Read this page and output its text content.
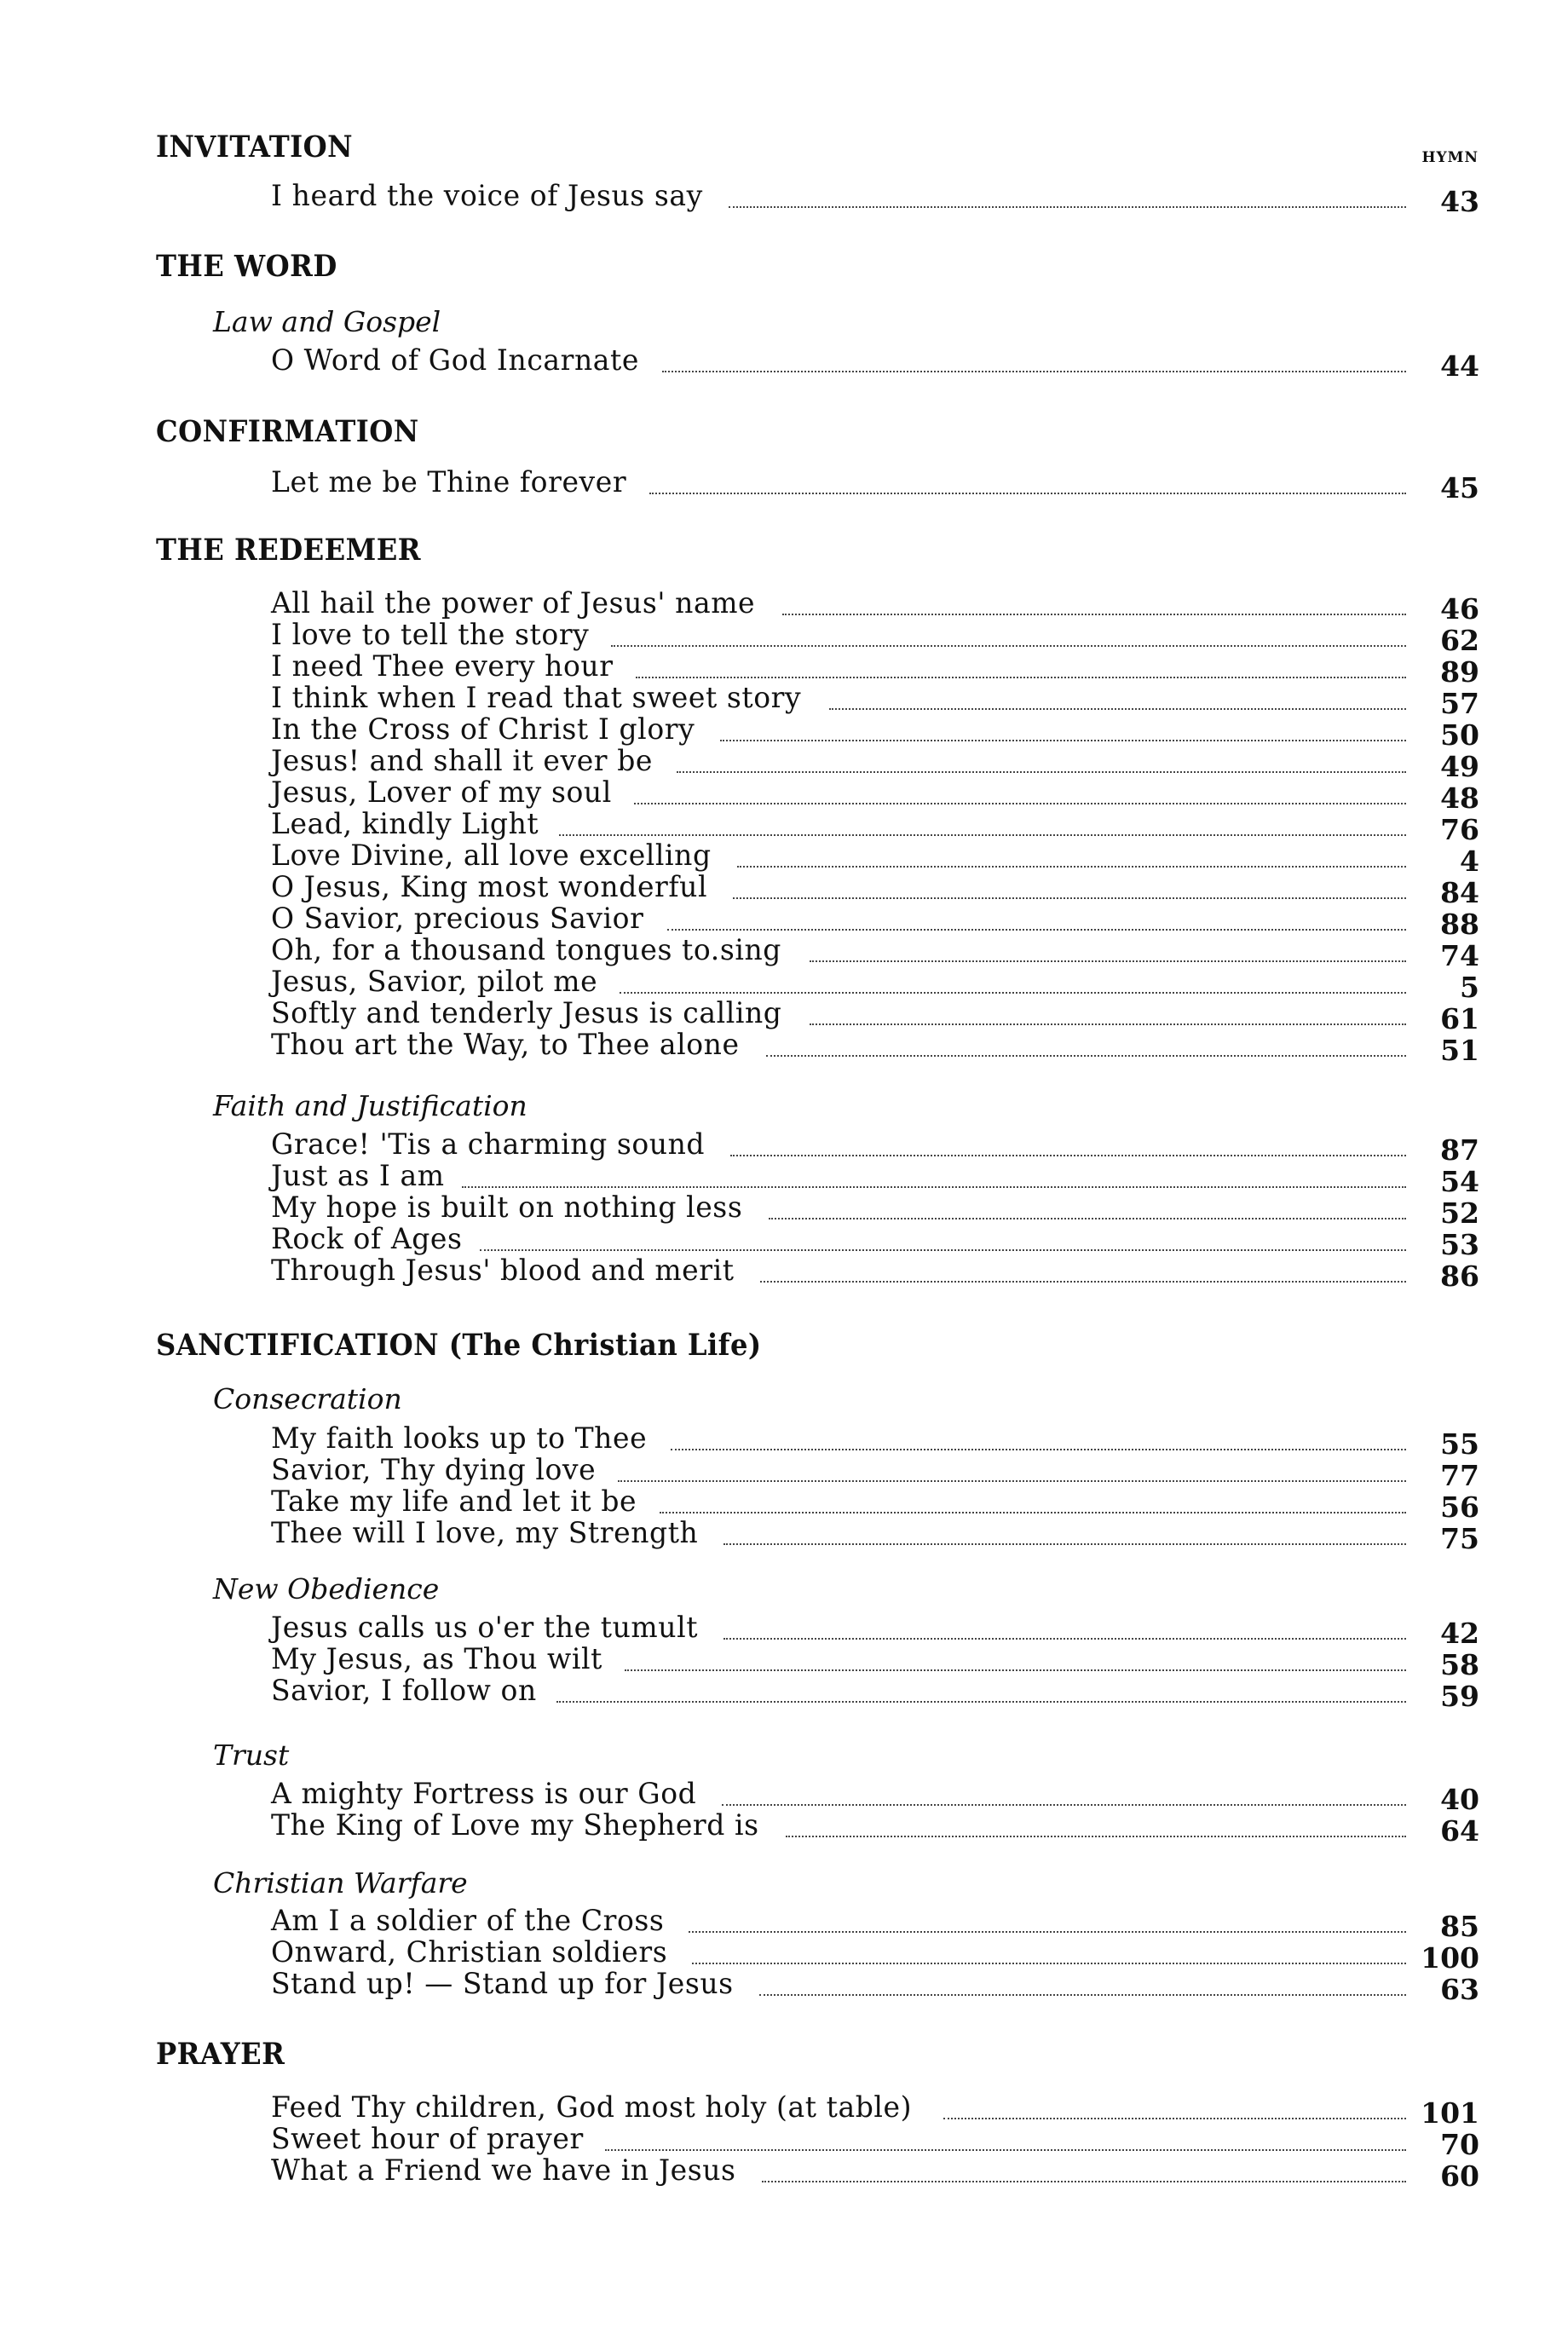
HYMN
INVITATION
I heard the voice of Jesus say	43
THE WORD
Law and Gospel
O Word of God Incarnate	44
CONFIRMATION
Let me be Thine forever	45
THE REDEEMER
All hail the power of Jesus' name	46
I love to tell the story	62
I need Thee every hour	89
I think when I read that sweet story	57
In the Cross of Christ I glory	50
Jesus! and shall it ever be	49
Jesus, Lover of my soul	48
Lead, kindly Light	76
Love Divine, all love excelling	4
O Jesus, King most wonderful	84
O Savior, precious Savior	88
Oh, for a thousand tongues to.sing	74
Jesus, Savior, pilot me	5
Softly and tenderly Jesus is calling	61
Thou art the Way, to Thee alone	51
Faith and Justification
Grace! 'Tis a charming sound	87
Just as I am	54
My hope is built on nothing less	52
Rock of Ages	53
Through Jesus' blood and merit	86
SANCTIFICATION (The Christian Life)
Consecration
My faith looks up to Thee	55
Savior, Thy dying love	77
Take my life and let it be	56
Thee will I love, my Strength	75
New Obedience
Jesus calls us o'er the tumult	42
My Jesus, as Thou wilt	58
Savior, I follow on	59
Trust
A mighty Fortress is our God	40
The King of Love my Shepherd is	64
Christian Warfare
Am I a soldier of the Cross	85
Onward, Christian soldiers	100
Stand up! — Stand up for Jesus	63
PRAYER
Feed Thy children, God most holy (at table)	101
Sweet hour of prayer	70
What a Friend we have in Jesus	60
